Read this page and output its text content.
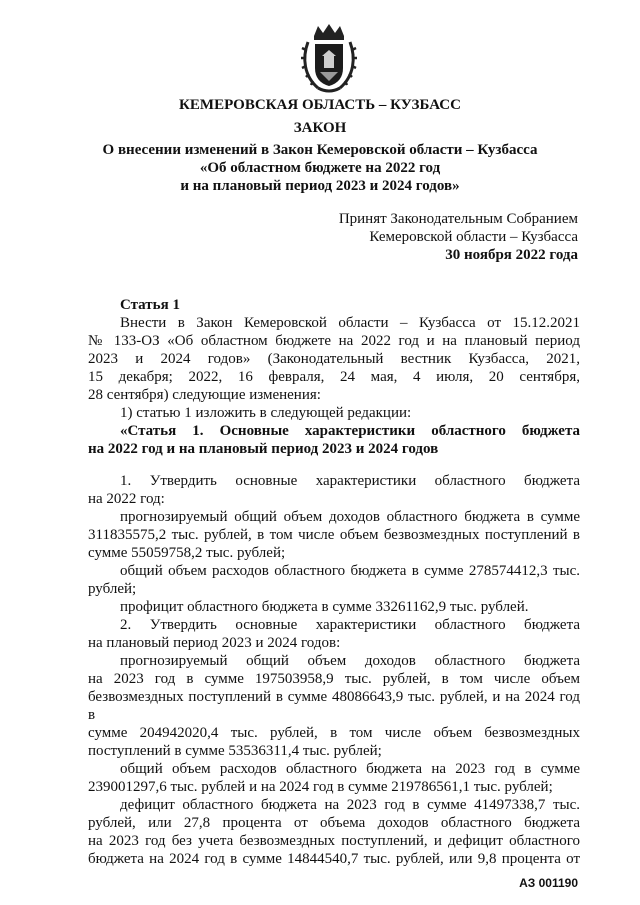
КЕМЕРОВСКАЯ ОБЛАСТЬ – КУЗБАСС
ЗАКОН
О внесении изменений в Закон Кемеровской области – Кузбасса
«Об областном бюджете на 2022 год
и на плановый период 2023 и 2024 годов»
Принят Законодательным Собранием
Кемеровской области – Кузбасса
30 ноября 2022 года

Статья 1

Внести в Закон Кемеровской области – Кузбасса от 15.12.2021

№ 133-ОЗ «Об областном бюджете на 2022 год и на плановый период

2023 и 2024 годов» (Законодательный вестник Кузбасса, 2021,

15 декабря; 2022, 16 февраля, 24 мая, 4 июля, 20 сентября,

28 сентября) следующие изменения:

1) статью 1 изложить в следующей редакции:

«Статья 1. Основные характеристики областного бюджета

на 2022 год и на плановый период 2023 и 2024 годов

1. Утвердить основные характеристики областного бюджета

на 2022 год:

прогнозируемый общий объем доходов областного бюджета в сумме

311835575,2 тыс. рублей, в том числе объем безвозмездных поступлений в

сумме 55059758,2 тыс. рублей;

общий объем расходов областного бюджета в сумме 278574412,3 тыс.

рублей;

профицит областного бюджета в сумме 33261162,9 тыс. рублей.

2. Утвердить основные характеристики областного бюджета

на плановый период 2023 и 2024 годов:

прогнозируемый общий объем доходов областного бюджета

на 2023 год в сумме 197503958,9 тыс. рублей, в том числе объем

безвозмездных поступлений в сумме 48086643,9 тыс. рублей, и на 2024 год в

сумме 204942020,4 тыс. рублей, в том числе объем безвозмездных

поступлений в сумме 53536311,4 тыс. рублей;

общий объем расходов областного бюджета на 2023 год в сумме

239001297,6 тыс. рублей и на 2024 год в сумме 219786561,1 тыс. рублей;

дефицит областного бюджета на 2023 год в сумме 41497338,7 тыс.

рублей, или 27,8 процента от объема доходов областного бюджета

на 2023 год без учета безвозмездных поступлений, и дефицит областного

бюджета на 2024 год в сумме 14844540,7 тыс. рублей, или 9,8 процента от

АЗ 001190
